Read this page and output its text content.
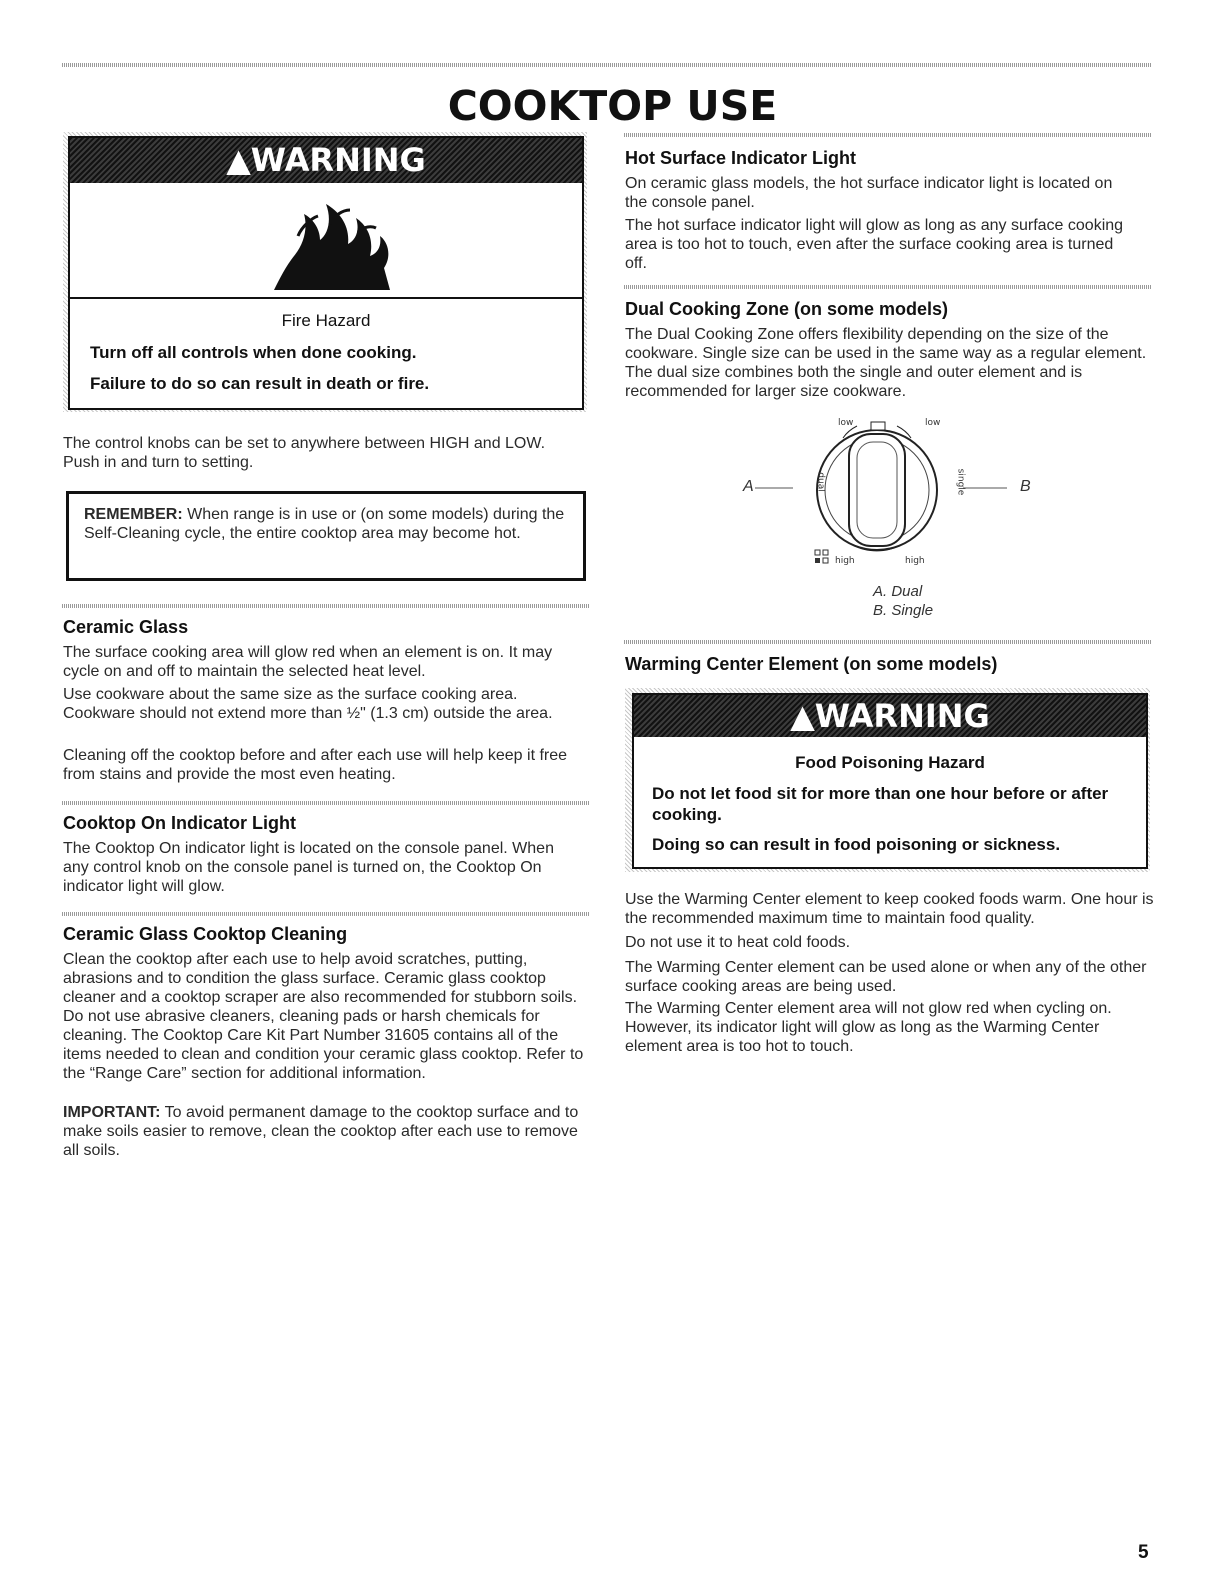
COOKTOP USE
▲WARNING
Fire Hazard
Turn off all controls when done cooking.
Failure to do so can result in death or fire.

The control knobs can be set to anywhere between HIGH and LOW. Push in and turn to setting.

REMEMBER: When range is in use or (on some models) during the Self-Cleaning cycle, the entire cooktop area may become hot.

Ceramic Glass

The surface cooking area will glow red when an element is on. It may cycle on and off to maintain the selected heat level.

Use cookware about the same size as the surface cooking area. Cookware should not extend more than ½" (1.3 cm) outside the area.

Cleaning off the cooktop before and after each use will help keep it free from stains and provide the most even heating.

Cooktop On Indicator Light

The Cooktop On indicator light is located on the console panel. When any control knob on the console panel is turned on, the Cooktop On indicator light will glow.

Ceramic Glass Cooktop Cleaning

Clean the cooktop after each use to help avoid scratches, putting, abrasions and to condition the glass surface. Ceramic glass cooktop cleaner and a cooktop scraper are also recommended for stubborn soils. Do not use abrasive cleaners, cleaning pads or harsh chemicals for cleaning. The Cooktop Care Kit Part Number 31605 contains all of the items needed to clean and condition your ceramic glass cooktop. Refer to the “Range Care” section for additional information.

IMPORTANT: To avoid permanent damage to the cooktop surface and to make soils easier to remove, clean the cooktop after each use to remove all soils.

Hot Surface Indicator Light

On ceramic glass models, the hot surface indicator light is located on the console panel.

The hot surface indicator light will glow as long as any surface cooking area is too hot to touch, even after the surface cooking area is turned off.

Dual Cooking Zone (on some models)

The Dual Cooking Zone offers flexibility depending on the size of the cookware. Single size can be used in the same way as a regular element. The dual size combines both the single and outer element and is recommended for larger size cookware.

low	low
high	high
dual	single
A	B
A. Dual
B. Single
Warming Center Element (on some models)
▲WARNING
Food Poisoning Hazard
Do not let food sit for more than one hour before or after cooking.
Doing so can result in food poisoning or sickness.

Use the Warming Center element to keep cooked foods warm. One hour is the recommended maximum time to maintain food quality.

Do not use it to heat cold foods.

The Warming Center element can be used alone or when any of the other surface cooking areas are being used.

The Warming Center element area will not glow red when cycling on. However, its indicator light will glow as long as the Warming Center element area is too hot to touch.

5
